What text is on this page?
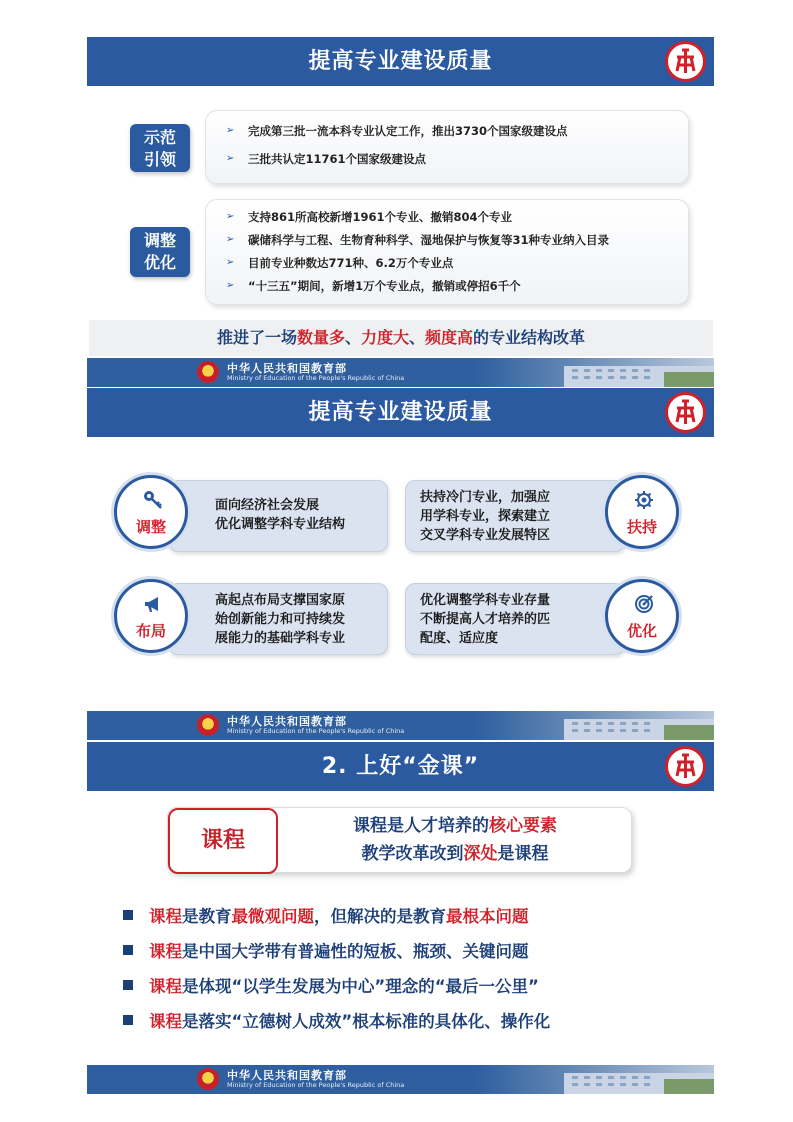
提高专业建设质量
示范
引领
➢	完成第三批一流本科专业认定工作，推出3730个国家级建设点
➢	三批共认定11761个国家级建设点
调整
优化
➢	支持861所高校新增1961个专业、撤销804个专业
➢	碳储科学与工程、生物育种科学、湿地保护与恢复等31种专业纳入目录
➢	目前专业种数达771种、6.2万个专业点
➢	“十三五”期间，新增1万个专业点，撤销或停招6千个
推进了一场数量多、力度大、频度高的专业结构改革
中华人民共和国教育部
Ministry of Education of the People's Republic of China
提高专业建设质量
面向经济社会发展
优化调整学科专业结构
调整
扶持冷门专业，加强应
用学科专业，探索建立
交叉学科专业发展特区	扶持
高起点布局支撑国家原
始创新能力和可持续发
展能力的基础学科专业
布局
优化调整学科专业存量
不断提高人才培养的匹
配度、适应度	优化
中华人民共和国教育部
Ministry of Education of the People's Republic of China
2. 上好“金课”
课程
课程是人才培养的核心要素
教学改革改到深处是课程
课程 是教育 最微观问题 ，但解决的是教育 最根本问题
课程 是中国大学带有普遍性的短板、瓶颈、关键问题
课程 是体现“以学生发展为中心”理念的“最后一公里”
课程 是落实“立德树人成效”根本标准的具体化、操作化
中华人民共和国教育部
Ministry of Education of the People's Republic of China
